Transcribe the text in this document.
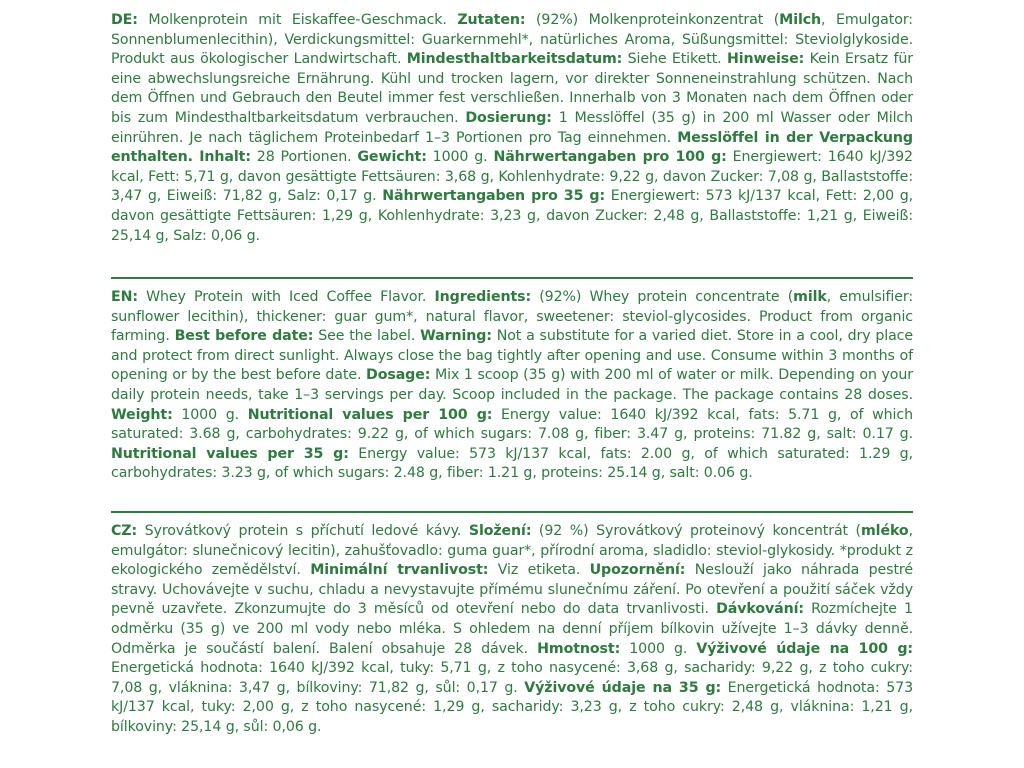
DE: Molkenprotein mit Eiskaffee-Geschmack. Zutaten: (92%) Molkenproteinkonzentrat (Milch, Emulgator: Sonnenblumenlecithin), Verdickungsmittel: Guarkernmehl*, natürliches Aroma, Süßungsmittel: Steviolglykoside. Produkt aus ökologischer Landwirtschaft. Mindesthaltbarkeitsdatum: Siehe Etikett. Hinweise: Kein Ersatz für eine abwechslungsreiche Ernährung. Kühl und trocken lagern, vor direkter Sonneneinstrahlung schützen. Nach dem Öffnen und Gebrauch den Beutel immer fest verschließen. Innerhalb von 3 Monaten nach dem Öffnen oder bis zum Mindesthaltbarkeitsdatum verbrauchen. Dosierung: 1 Messlöffel (35 g) in 200 ml Wasser oder Milch einrühren. Je nach täglichem Proteinbedarf 1–3 Portionen pro Tag einnehmen. Messlöffel in der Verpackung enthalten. Inhalt: 28 Portionen. Gewicht: 1000 g. Nährwertangaben pro 100 g: Energiewert: 1640 kJ/392 kcal, Fett: 5,71 g, davon gesättigte Fettsäuren: 3,68 g, Kohlenhydrate: 9,22 g, davon Zucker: 7,08 g, Ballaststoffe: 3,47 g, Eiweiß: 71,82 g, Salz: 0,17 g. Nährwertangaben pro 35 g: Energiewert: 573 kJ/137 kcal, Fett: 2,00 g, davon gesättigte Fettsäuren: 1,29 g, Kohlenhydrate: 3,23 g, davon Zucker: 2,48 g, Ballaststoffe: 1,21 g, Eiweiß: 25,14 g, Salz: 0,06 g.
EN: Whey Protein with Iced Coffee Flavor. Ingredients: (92%) Whey protein concentrate (milk, emulsifier: sunflower lecithin), thickener: guar gum*, natural flavor, sweetener: steviol-glycosides. Product from organic farming. Best before date: See the label. Warning: Not a substitute for a varied diet. Store in a cool, dry place and protect from direct sunlight. Always close the bag tightly after opening and use. Consume within 3 months of opening or by the best before date. Dosage: Mix 1 scoop (35 g) with 200 ml of water or milk. Depending on your daily protein needs, take 1–3 servings per day. Scoop included in the package. The package contains 28 doses. Weight: 1000 g. Nutritional values per 100 g: Energy value: 1640 kJ/392 kcal, fats: 5.71 g, of which saturated: 3.68 g, carbohydrates: 9.22 g, of which sugars: 7.08 g, fiber: 3.47 g, proteins: 71.82 g, salt: 0.17 g. Nutritional values per 35 g: Energy value: 573 kJ/137 kcal, fats: 2.00 g, of which saturated: 1.29 g, carbohydrates: 3.23 g, of which sugars: 2.48 g, fiber: 1.21 g, proteins: 25.14 g, salt: 0.06 g.
CZ: Syrovátkový protein s příchutí ledové kávy. Složení: (92 %) Syrovátkový proteinový koncentrát (mléko, emulgátor: slunečnicový lecitin), zahušťovadlo: guma guar*, přírodní aroma, sladidlo: steviol-glykosidy. *produkt z ekologického zemědělství. Minimální trvanlivost: Viz etiketa. Upozornění: Neslouží jako náhrada pestré stravy. Uchovávejte v suchu, chladu a nevystavujte přímému slunečnímu záření. Po otevření a použití sáček vždy pevně uzavřete. Zkonzumujte do 3 měsíců od otevření nebo do data trvanlivosti. Dávkování: Rozmíchejte 1 odměrku (35 g) ve 200 ml vody nebo mléka. S ohledem na denní příjem bílkovin užívejte 1–3 dávky denně. Odměrka je součástí balení. Balení obsahuje 28 dávek. Hmotnost: 1000 g. Výživové údaje na 100 g: Energetická hodnota: 1640 kJ/392 kcal, tuky: 5,71 g, z toho nasycené: 3,68 g, sacharidy: 9,22 g, z toho cukry: 7,08 g, vláknina: 3,47 g, bílkoviny: 71,82 g, sůl: 0,17 g. Výživové údaje na 35 g: Energetická hodnota: 573 kJ/137 kcal, tuky: 2,00 g, z toho nasycené: 1,29 g, sacharidy: 3,23 g, z toho cukry: 2,48 g, vláknina: 1,21 g, bílkoviny: 25,14 g, sůl: 0,06 g.
